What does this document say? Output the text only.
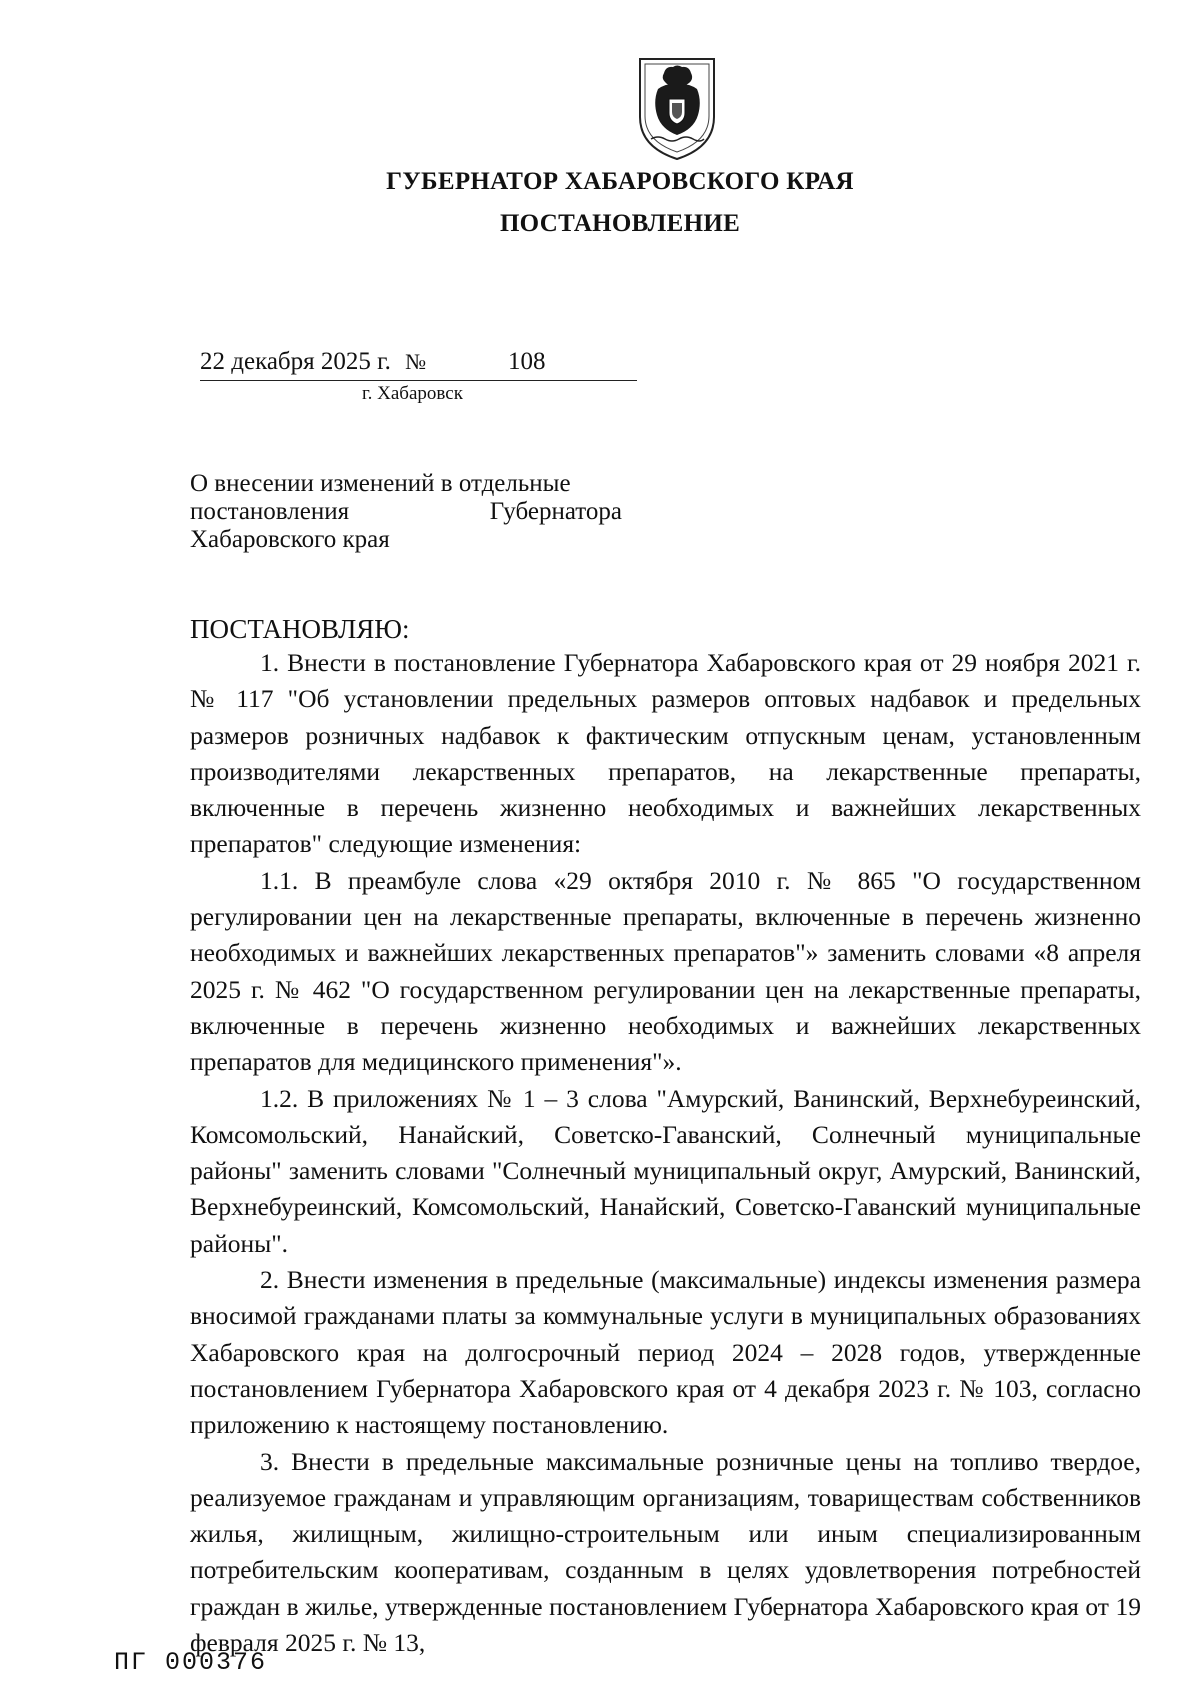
ГУБЕРНАТОР ХАБАРОВСКОГО КРАЯ
ПОСТАНОВЛЕНИЕ
22 декабря 2025 г. №	108
г. Хабаровск
О внесении изменений в отдельные
постановления Губернатора
Хабаровского края
ПОСТАНОВЛЯЮ:

1. Внести в постановление Губернатора Хабаровского края от 29 ноября 2021 г. № 117 "Об установлении предельных размеров оптовых надбавок и предельных размеров розничных надбавок к фактическим отпускным ценам, установленным производителями лекарственных препаратов, на лекарственные препараты, включенные в перечень жизненно необходимых и важнейших лекарственных препаратов" следующие изменения:

1.1. В преамбуле слова «29 октября 2010 г. № 865 "О государственном регулировании цен на лекарственные препараты, включенные в перечень жизненно необходимых и важнейших лекарственных препаратов"» заменить словами «8 апреля 2025 г. № 462 "О государственном регулировании цен на лекарственные препараты, включенные в перечень жизненно необходимых и важнейших лекарственных препаратов для медицинского применения"».

1.2. В приложениях № 1 – 3 слова "Амурский, Ванинский, Верхнебуреинский, Комсомольский, Нанайский, Советско-Гаванский, Солнечный муниципальные районы" заменить словами "Солнечный муниципальный округ, Амурский, Ванинский, Верхнебуреинский, Комсомольский, Нанайский, Советско-Гаванский муниципальные районы".

2. Внести изменения в предельные (максимальные) индексы изменения размера вносимой гражданами платы за коммунальные услуги в муниципальных образованиях Хабаровского края на долгосрочный период 2024 – 2028 годов, утвержденные постановлением Губернатора Хабаровского края от 4 декабря 2023 г. № 103, согласно приложению к настоящему постановлению.

3. Внести в предельные максимальные розничные цены на топливо твердое, реализуемое гражданам и управляющим организациям, товариществам собственников жилья, жилищным, жилищно-строительным или иным специализированным потребительским кооперативам, созданным в целях удовлетворения потребностей граждан в жилье, утвержденные постановлением Губернатора Хабаровского края от 19 февраля 2025 г. № 13,

ПГ 000376
